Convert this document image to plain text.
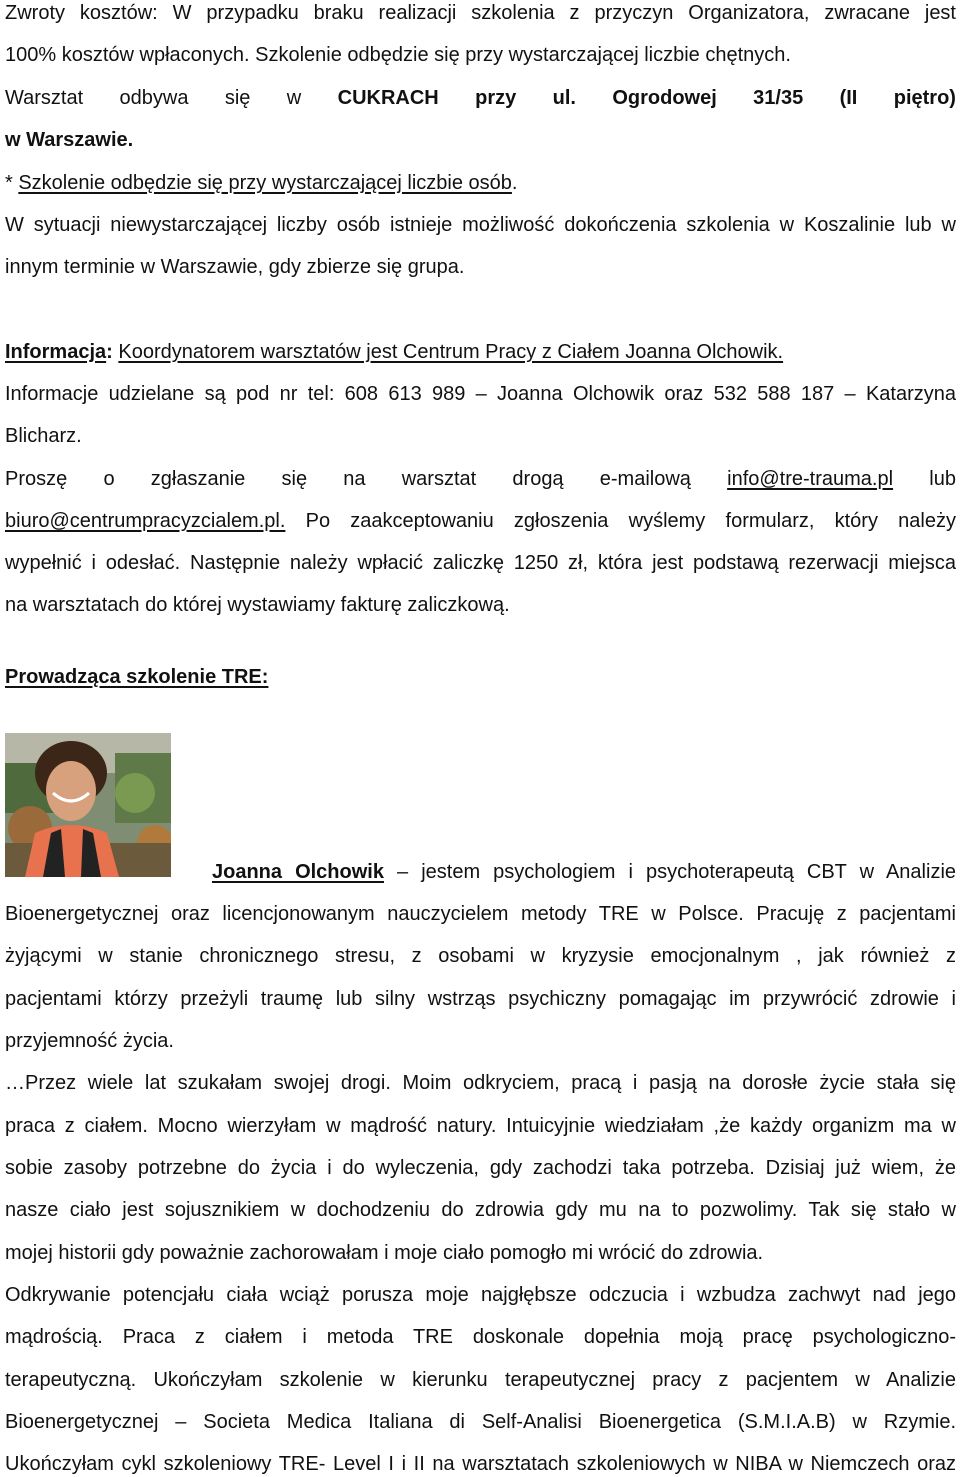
Zwroty kosztów: W przypadku braku realizacji szkolenia z przyczyn Organizatora, zwracane jest
100% kosztów wpłaconych. Szkolenie odbędzie się przy wystarczającej liczbie chętnych.
Warsztat odbywa się w CUKRACH przy ul. Ogrodowej 31/35 (II piętro)
w Warszawie.
* Szkolenie odbędzie się przy wystarczającej liczbie osób.
W sytuacji niewystarczającej liczby osób istnieje możliwość dokończenia szkolenia w Koszalinie lub w
innym terminie w Warszawie, gdy zbierze się grupa.
Informacja: Koordynatorem warsztatów jest Centrum Pracy z Ciałem Joanna Olchowik.
Informacje udzielane są pod nr tel: 608 613 989 – Joanna Olchowik oraz 532 588 187 – Katarzyna
Blicharz.
Proszę o zgłaszanie się na warsztat drogą e-mailową info@tre-trauma.pl lub
biuro@centrumpracyzcialem.pl. Po zaakceptowaniu zgłoszenia wyślemy formularz, który należy
wypełnić i odesłać. Następnie należy wpłacić zaliczkę 1250 zł, która jest podstawą rezerwacji miejsca
na warsztatach do której wystawiamy fakturę zaliczkową.
Prowadząca szkolenie TRE:
Joanna Olchowik – jestem psychologiem i psychoterapeutą CBT w Analizie
Bioenergetycznej oraz licencjonowanym nauczycielem metody TRE w Polsce. Pracuję z pacjentami
żyjącymi w stanie chronicznego stresu, z osobami w kryzysie emocjonalnym , jak również z
pacjentami którzy przeżyli traumę lub silny wstrząs psychiczny pomagając im przywrócić zdrowie i
przyjemność życia.
…Przez wiele lat szukałam swojej drogi. Moim odkryciem, pracą i pasją na dorosłe życie stała się
praca z ciałem. Mocno wierzyłam w mądrość natury. Intuicyjnie wiedziałam ,że każdy organizm ma w
sobie zasoby potrzebne do życia i do wyleczenia, gdy zachodzi taka potrzeba. Dzisiaj już wiem, że
nasze ciało jest sojusznikiem w dochodzeniu do zdrowia gdy mu na to pozwolimy. Tak się stało w
mojej historii gdy poważnie zachorowałam i moje ciało pomogło mi wrócić do zdrowia.
Odkrywanie potencjału ciała wciąż porusza moje najgłębsze odczucia i wzbudza zachwyt nad jego
mądrością. Praca z ciałem i metoda TRE doskonale dopełnia moją pracę psychologiczno-
terapeutyczną. Ukończyłam szkolenie w kierunku terapeutycznej pracy z pacjentem w Analizie
Bioenergetycznej – Societa Medica Italiana di Self-Analisi Bioenergetica (S.M.I.A.B) w Rzymie.
Ukończyłam cykl szkoleniowy TRE- Level I i II na warsztatach szkoleniowych w NIBA w Niemczech oraz
